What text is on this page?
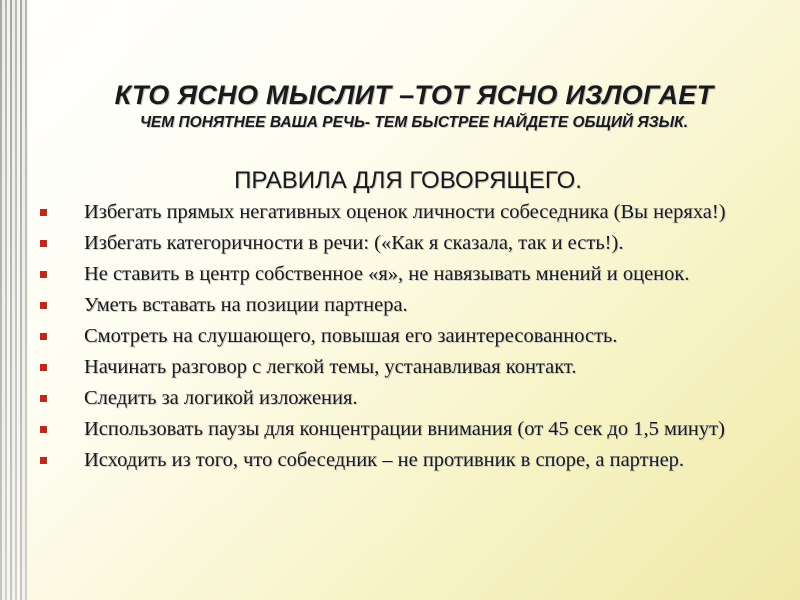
КТО ЯСНО МЫСЛИТ –ТОТ ЯСНО ИЗЛОГАЕТ
ЧЕМ ПОНЯТНЕЕ ВАША РЕЧЬ- ТЕМ БЫСТРЕЕ НАЙДЕТЕ ОБЩИЙ ЯЗЫК.
ПРАВИЛА ДЛЯ ГОВОРЯЩЕГО.
Избегать прямых негативных оценок личности собеседника (Вы неряха!)
Избегать категоричности в речи: («Как я сказала, так и есть!).
Не ставить в центр собственное «я», не навязывать мнений и оценок.
Уметь вставать на позиции партнера.
Смотреть на слушающего, повышая его заинтересованность.
Начинать разговор с легкой темы, устанавливая контакт.
Следить за логикой изложения.
Использовать паузы для концентрации внимания (от 45 сек до 1,5 минут)
Исходить из того, что собеседник – не противник в споре, а партнер.
